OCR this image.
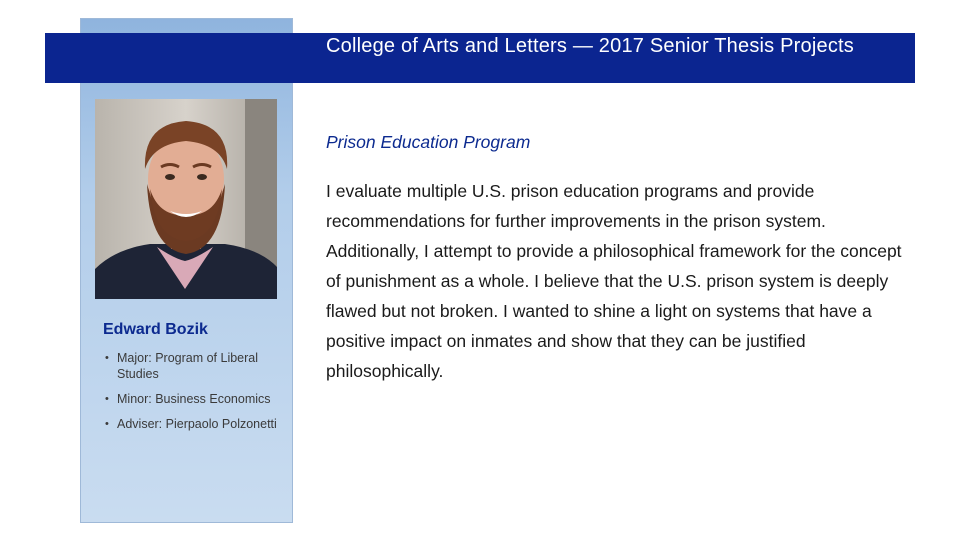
College of Arts and Letters — 2017 Senior Thesis Projects
Edward Bozik
• Major: Program of Liberal Studies
• Minor: Business Economics
• Adviser: Pierpaolo Polzonetti
Prison Education Program

I evaluate multiple U.S. prison education programs and provide recommendations for further improvements in the prison system. Additionally, I attempt to provide a philosophical framework for the concept of punishment as a whole. I believe that the U.S. prison system is deeply flawed but not broken. I wanted to shine a light on systems that have a positive impact on inmates and show that they can be justified philosophically.
